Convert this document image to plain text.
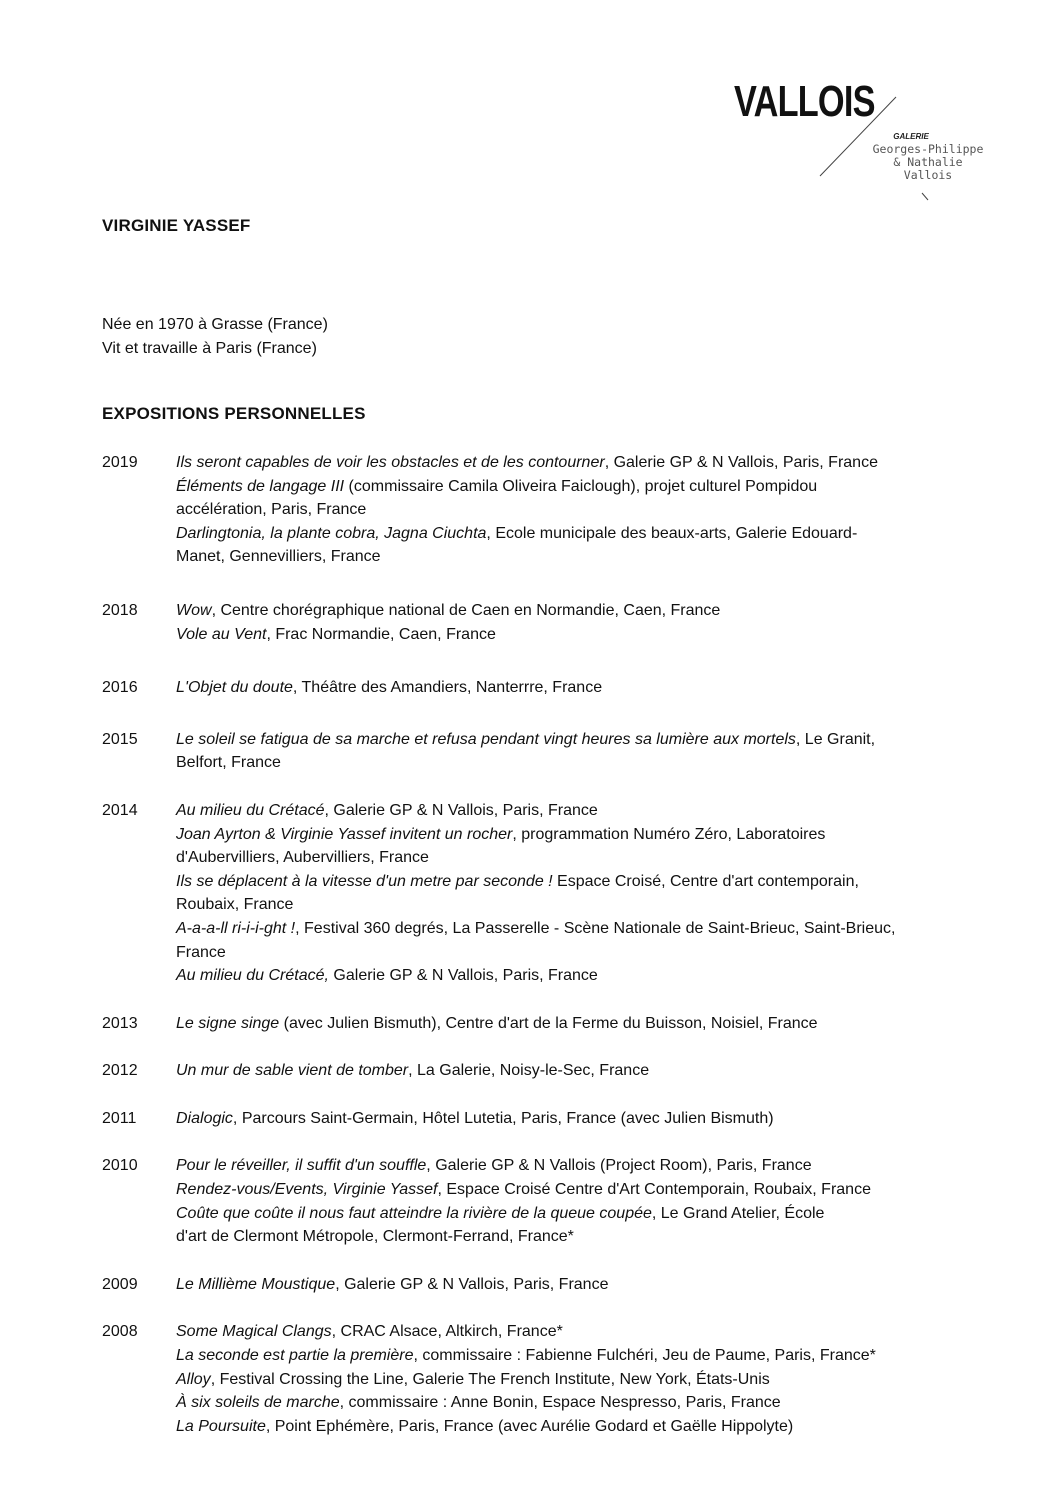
VALLOIS
GALERIE
Georges-Philippe
& Nathalie
Vallois
VIRGINIE YASSEF
Née en 1970 à Grasse (France)
Vit et travaille à Paris (France)
EXPOSITIONS PERSONNELLES
2019	Ils seront capables de voir les obstacles et de les contourner, Galerie GP & N Vallois, Paris, France
Éléments de langage III (commissaire Camila Oliveira Faiclough), projet culturel Pompidou
accélération, Paris, France
Darlingtonia, la plante cobra, Jagna Ciuchta, Ecole municipale des beaux-arts, Galerie Edouard-
Manet, Gennevilliers, France
2018	Wow, Centre chorégraphique national de Caen en Normandie, Caen, France
Vole au Vent, Frac Normandie, Caen, France
2016	L'Objet du doute, Théâtre des Amandiers, Nanterrre, France
2015	Le soleil se fatigua de sa marche et refusa pendant vingt heures sa lumière aux mortels, Le Granit,
Belfort, France
2014	Au milieu du Crétacé, Galerie GP & N Vallois, Paris, France
Joan Ayrton & Virginie Yassef invitent un rocher, programmation Numéro Zéro, Laboratoires
d'Aubervilliers, Aubervilliers, France
Ils se déplacent à la vitesse d'un metre par seconde ! Espace Croisé, Centre d'art contemporain,
Roubaix, France
A-a-a-ll ri-i-i-ght !, Festival 360 degrés, La Passerelle - Scène Nationale de Saint-Brieuc, Saint-Brieuc,
France
Au milieu du Crétacé, Galerie GP & N Vallois, Paris, France
2013	Le signe singe (avec Julien Bismuth), Centre d'art de la Ferme du Buisson, Noisiel, France
2012	Un mur de sable vient de tomber, La Galerie, Noisy-le-Sec, France
2011	Dialogic, Parcours Saint-Germain, Hôtel Lutetia, Paris, France (avec Julien Bismuth)
2010	Pour le réveiller, il suffit d'un souffle, Galerie GP & N Vallois (Project Room), Paris, France
Rendez-vous/Events, Virginie Yassef, Espace Croisé Centre d'Art Contemporain, Roubaix, France
Coûte que coûte il nous faut atteindre la rivière de la queue coupée, Le Grand Atelier, École
d'art de Clermont Métropole, Clermont-Ferrand, France*
2009	Le Millième Moustique, Galerie GP & N Vallois, Paris, France
2008	Some Magical Clangs, CRAC Alsace, Altkirch, France*
La seconde est partie la première, commissaire : Fabienne Fulchéri, Jeu de Paume, Paris, France*
Alloy, Festival Crossing the Line, Galerie The French Institute, New York, États-Unis
À six soleils de marche, commissaire : Anne Bonin, Espace Nespresso, Paris, France
La Poursuite, Point Ephémère, Paris, France (avec Aurélie Godard et Gaëlle Hippolyte)
